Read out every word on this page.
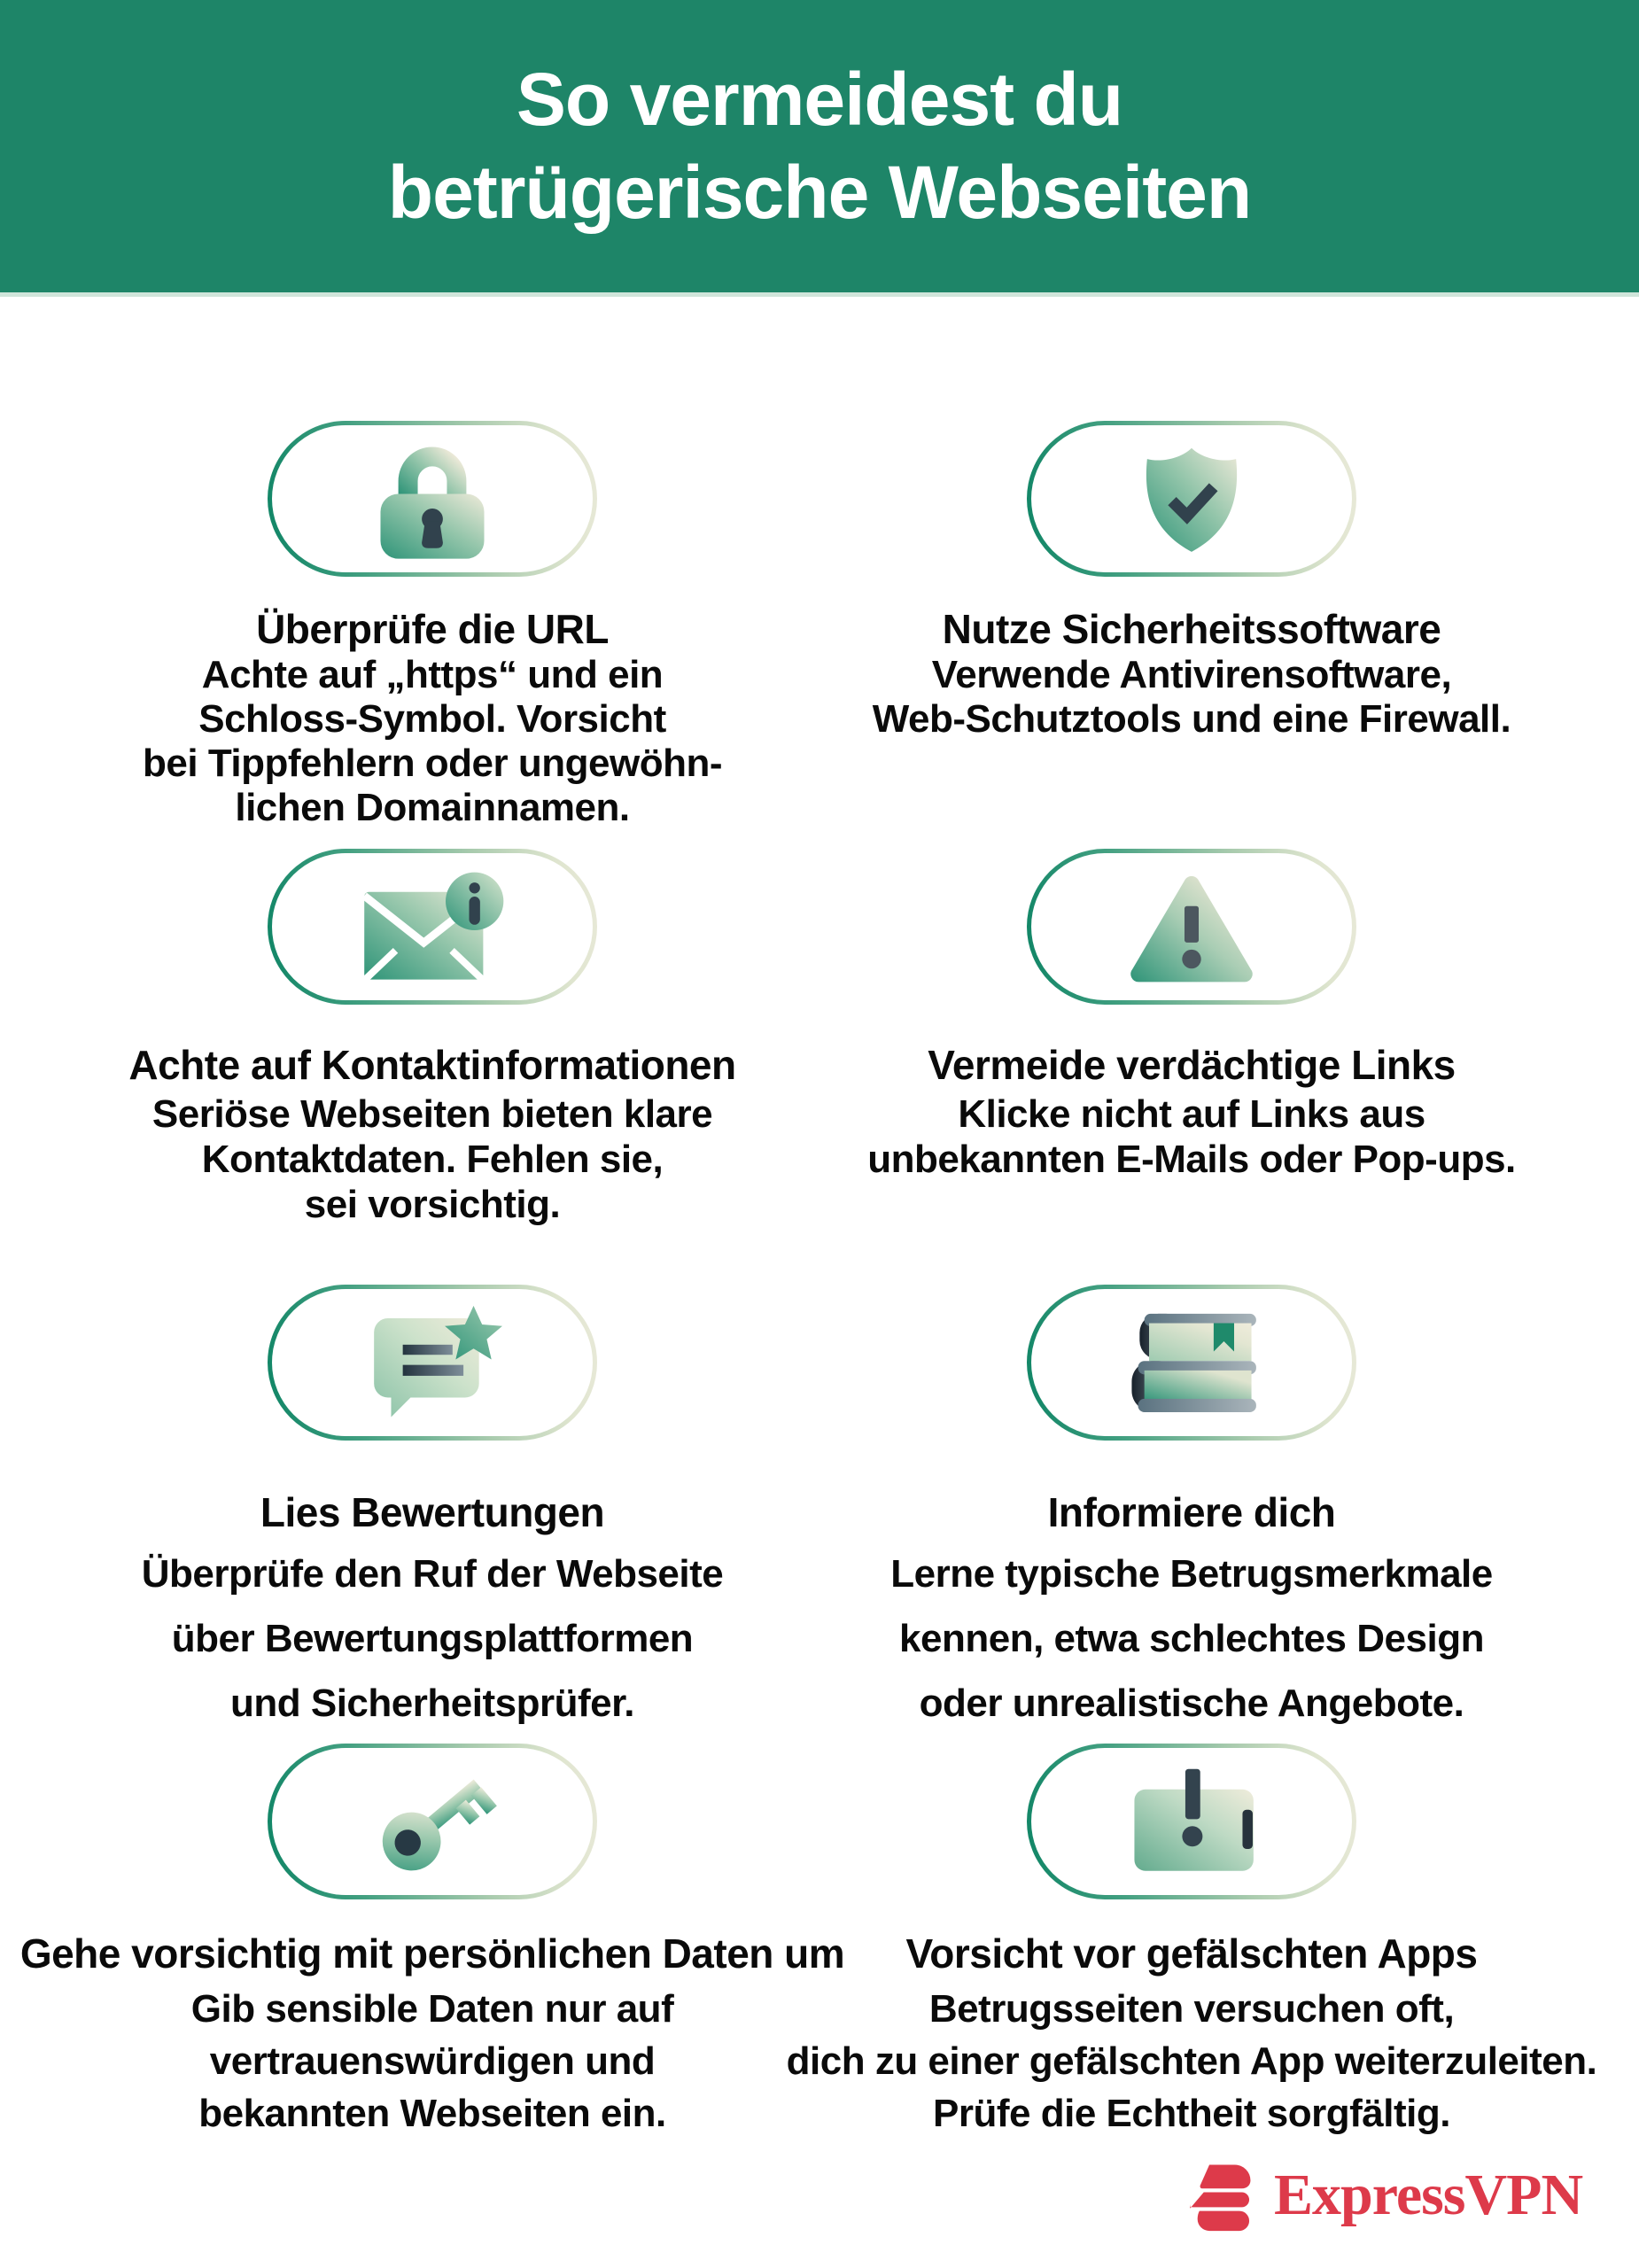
So vermeidest du
betrügerische Webseiten
Überprüfe die URL
Achte auf „https“ und ein
Schloss-Symbol. Vorsicht
bei Tippfehlern oder ungewöhn-
lichen Domainnamen.
Nutze Sicherheitssoftware
Verwende Antivirensoftware,
Web-Schutztools und eine Firewall.
Achte auf Kontaktinformationen
Seriöse Webseiten bieten klare
Kontaktdaten. Fehlen sie,
sei vorsichtig.
Vermeide verdächtige Links
Klicke nicht auf Links aus
unbekannten E-Mails oder Pop-ups.
Lies Bewertungen
Überprüfe den Ruf der Webseite
über Bewertungsplattformen
und Sicherheitsprüfer.
Informiere dich
Lerne typische Betrugsmerkmale
kennen, etwa schlechtes Design
oder unrealistische Angebote.
Gehe vorsichtig mit persönlichen Daten um
Gib sensible Daten nur auf
vertrauenswürdigen und
bekannten Webseiten ein.
Vorsicht vor gefälschten Apps
Betrugsseiten versuchen oft,
dich zu einer gefälschten App weiterzuleiten.
Prüfe die Echtheit sorgfältig.
ExpressVPN
